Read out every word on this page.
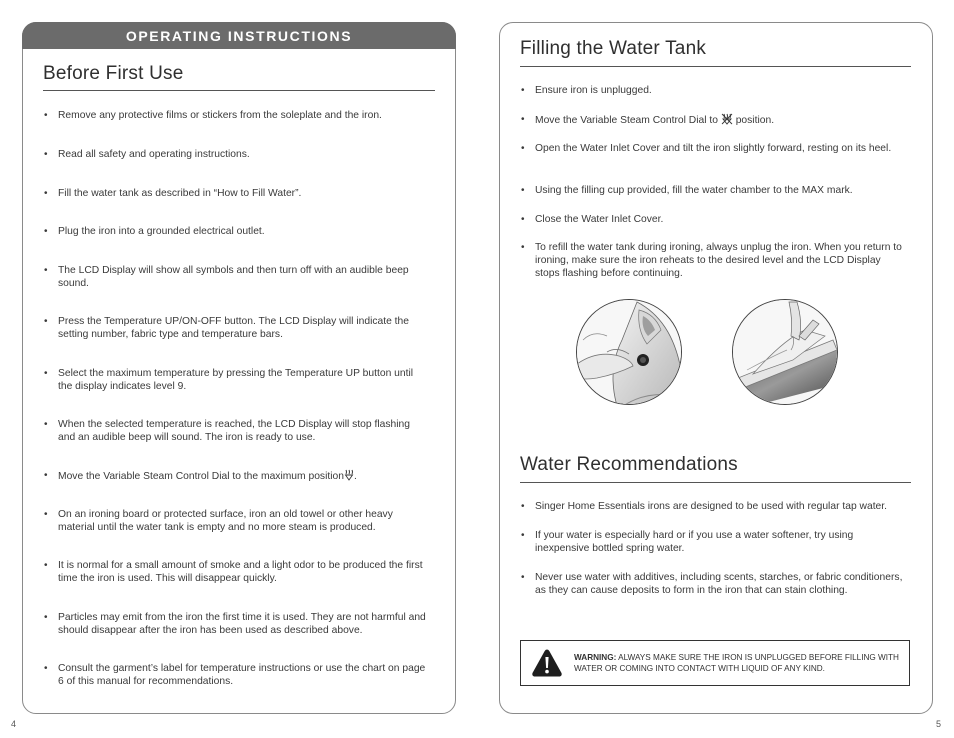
OPERATING INSTRUCTIONS
Before First Use
• Remove any protective films or stickers from the soleplate and the iron.
• Read all safety and operating instructions.
• Fill the water tank as described in “How to Fill Water”.
• Plug the iron into a grounded electrical outlet.
• The LCD Display will show all symbols and then turn off with an audible beep sound.
• Press the Temperature UP/ON-OFF button. The LCD Display will indicate the setting number, fabric type and temperature bars.
• Select the maximum temperature by pressing the Temperature UP button until the display indicates level 9.
• When the selected temperature is reached, the LCD Display will stop flashing and an audible beep will sound. The iron is ready to use.
• Move the Variable Steam Control Dial to the maximum position .
• On an ironing board or protected surface, iron an old towel or other heavy material until the water tank is empty and no more steam is produced.
• It is normal for a small amount of smoke and a light odor to be produced the first time the iron is used. This will disappear quickly.
• Particles may emit from the iron the first time it is used. They are not harmful and should disappear after the iron has been used as described above.
• Consult the garment’s label for temperature instructions or use the chart on page 6 of this manual for recommendations.
Filling the Water Tank
• Ensure iron is unplugged.
• Move the Variable Steam Control Dial to position.
• Open the Water Inlet Cover and tilt the iron slightly forward, resting on its heel.
• Using the filling cup provided, fill the water chamber to the MAX mark.
• Close the Water Inlet Cover.
• To refill the water tank during ironing, always unplug the iron. When you return to ironing, make sure the iron reheats to the desired level and the LCD Display stops flashing before continuing.
Water Recommendations
• Singer Home Essentials irons are designed to be used with regular tap water.
• If your water is especially hard or if you use a water softener, try using inexpensive bottled spring water.
• Never use water with additives, including scents, starches, or fabric conditioners, as they can cause deposits to form in the iron that can stain clothing.
WARNING: ALWAYS MAKE SURE THE IRON IS UNPLUGGED BEFORE FILLING WITH WATER OR COMING INTO CONTACT WITH LIQUID OF ANY KIND.
4	5
